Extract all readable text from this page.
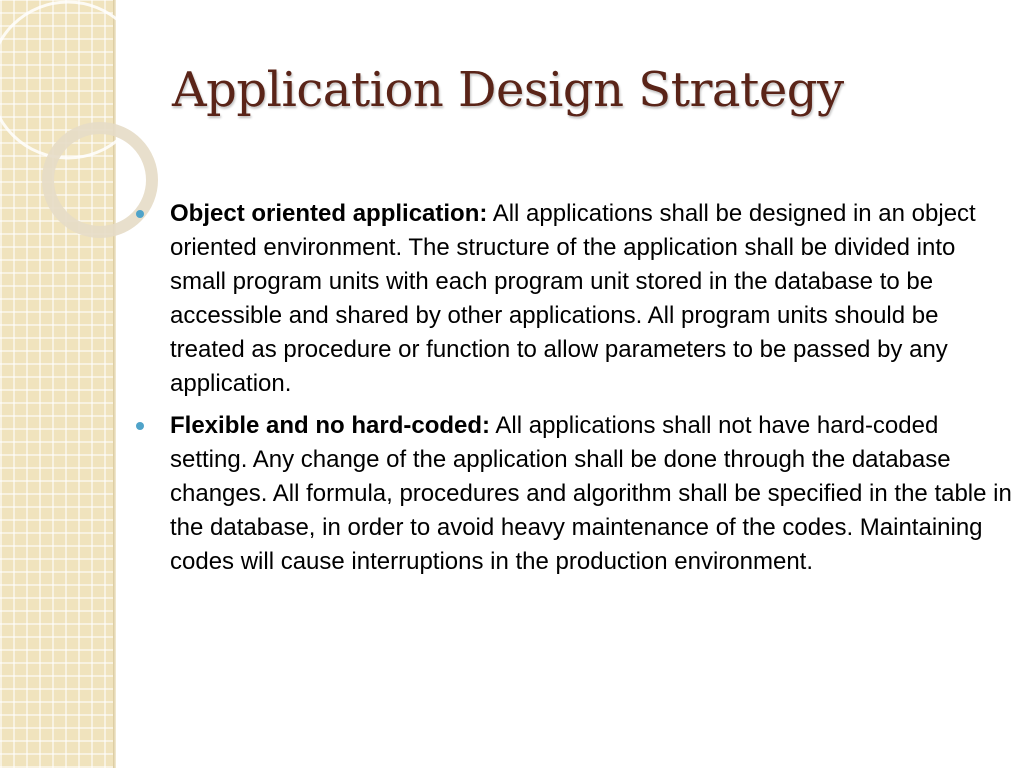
Application Design Strategy
Object oriented application: All applications shall be designed in an object oriented environment. The structure of the application shall be divided into small program units with each program unit stored in the database to be accessible and shared by other applications. All program units should be treated as procedure or function to allow parameters to be passed by any application.
Flexible and no hard-coded: All applications shall not have hard-coded setting. Any change of the application shall be done through the database changes. All formula, procedures and algorithm shall be specified in the table in the database, in order to avoid heavy maintenance of the codes. Maintaining codes will cause interruptions in the production environment.
